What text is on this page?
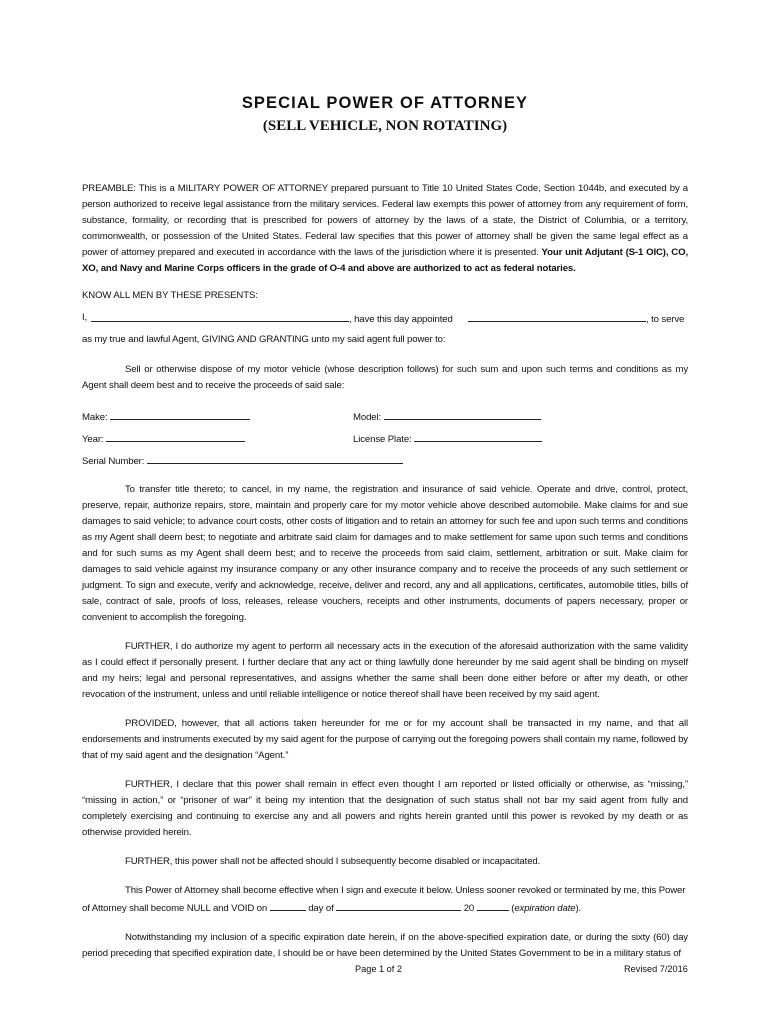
SPECIAL POWER OF ATTORNEY
(SELL VEHICLE, NON ROTATING)

PREAMBLE: This is a MILITARY POWER OF ATTORNEY prepared pursuant to Title 10 United States Code, Section 1044b, and executed by a person authorized to receive legal assistance from the military services. Federal law exempts this power of attorney from any requirement of form, substance, formality, or recording that is prescribed for powers of attorney by the laws of a state, the District of Columbia, or a territory, commonwealth, or possession of the United States. Federal law specifies that this power of attorney shall be given the same legal effect as a power of attorney prepared and executed in accordance with the laws of the jurisdiction where it is presented. Your unit Adjutant (S-1 OIC), CO, XO, and Navy and Marine Corps officers in the grade of O-4 and above are authorized to act as federal notaries.

KNOW ALL MEN BY THESE PRESENTS:

I,	, have this day appointed	, to serve

as my true and lawful Agent, GIVING AND GRANTING unto my said agent full power to:

Sell or otherwise dispose of my motor vehicle (whose description follows) for such sum and upon such terms and conditions as my Agent shall deem best and to receive the proceeds of said sale:

Make:	Model:
Year:	License Plate:
Serial Number:

To transfer title thereto; to cancel, in my name, the registration and insurance of said vehicle. Operate and drive, control, protect, preserve, repair, authorize repairs, store, maintain and properly care for my motor vehicle above described automobile. Make claims for and sue damages to said vehicle; to advance court costs, other costs of litigation and to retain an attorney for such fee and upon such terms and conditions as my Agent shall deem best; to negotiate and arbitrate said claim for damages and to make settlement for same upon such terms and conditions and for such sums as my Agent shall deem best; and to receive the proceeds from said claim, settlement, arbitration or suit. Make claim for damages to said vehicle against my insurance company or any other insurance company and to receive the proceeds of any such settlement or judgment. To sign and execute, verify and acknowledge, receive, deliver and record, any and all applications, certificates, automobile titles, bills of sale, contract of sale, proofs of loss, releases, release vouchers, receipts and other instruments, documents of papers necessary, proper or convenient to accomplish the foregoing.

FURTHER, I do authorize my agent to perform all necessary acts in the execution of the aforesaid authorization with the same validity as I could effect if personally present. I further declare that any act or thing lawfully done hereunder by me said agent shall be binding on myself and my heirs; legal and personal representatives, and assigns whether the same shall been done either before or after my death, or other revocation of the instrument, unless and until reliable intelligence or notice thereof shall have been received by my said agent.

PROVIDED, however, that all actions taken hereunder for me or for my account shall be transacted in my name, and that all endorsements and instruments executed by my said agent for the purpose of carrying out the foregoing powers shall contain my name, followed by that of my said agent and the designation “Agent.”

FURTHER, I declare that this power shall remain in effect even thought I am reported or listed officially or otherwise, as “missing,” “missing in action,” or “prisoner of war” it being my intention that the designation of such status shall not bar my said agent from fully and completely exercising and continuing to exercise any and all powers and rights herein granted until this power is revoked by my death or as otherwise provided herein.

FURTHER, this power shall not be affected should I subsequently become disabled or incapacitated.

This Power of Attorney shall become effective when I sign and execute it below. Unless sooner revoked or terminated by me, this Power

of Attorney shall become NULL and VOID on	day of	20	(expiration date).

Notwithstanding my inclusion of a specific expiration date herein, if on the above-specified expiration date, or during the sixty (60) day period preceding that specified expiration date, I should be or have been determined by the United States Government to be in a military status of

Page 1 of 2	Revised 7/2016
